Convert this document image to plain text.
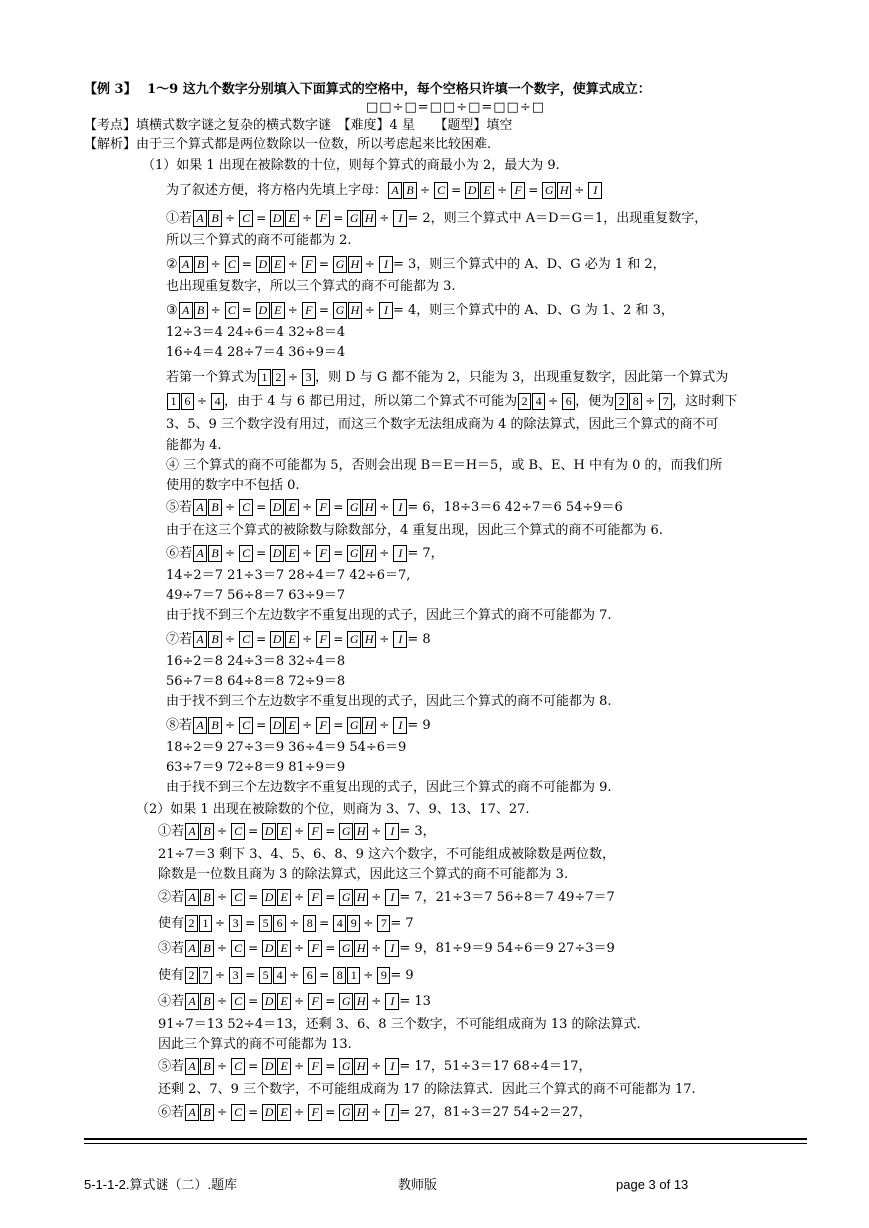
【例 3】 1～9 这九个数字分别填入下面算式的空格中，每个空格只许填一个数字，使算式成立：
□□÷□=□□÷□=□□÷□
【考点】填横式数字谜之复杂的横式数字谜　【难度】4 星　　【题型】填空
【解析】由于三个算式都是两位数除以一位数，所以考虑起来比较困难.
（1）如果 1 出现在被除数的十位，则每个算式的商最小为 2，最大为 9.
为了叙述方便，将方格内先填上字母： A B ÷ C = D E ÷ F = G H ÷ I
①若 A B ÷ C = D E ÷ F = G H ÷ I = 2，则三个算式中 A＝D＝G＝1，出现重复数字，
所以三个算式的商不可能都为 2.
② A B ÷ C = D E ÷ F = G H ÷ I = 3，则三个算式中的 A、D、G 必为 1 和 2，
也出现重复数字，所以三个算式的商不可能都为 3.
③ A B ÷ C = D E ÷ F = G H ÷ I = 4，则三个算式中的 A、D、G 为 1、2 和 3，
12÷3＝4 24÷6＝4 32÷8＝4
16÷4＝4 28÷7＝4 36÷9＝4
若第一个算式为 1 2 ÷ 3 ，则 D 与 G 都不能为 2，只能为 3，出现重复数字，因此第一个算式为
1 6 ÷ 4 ，由于 4 与 6 都已用过，所以第二个算式不可能为 2 4 ÷ 6 ，便为 2 8 ÷ 7 ，这时剩下
3、5、9 三个数字没有用过，而这三个数字无法组成商为 4 的除法算式，因此三个算式的商不可
能都为 4.
④ 三个算式的商不可能都为 5，否则会出现 B＝E＝H＝5，或 B、E、H 中有为 0 的，而我们所
使用的数字中不包括 0.
⑤若 A B ÷ C = D E ÷ F = G H ÷ I = 6，18÷3＝6 42÷7＝6 54÷9＝6
由于在这三个算式的被除数与除数部分，4 重复出现，因此三个算式的商不可能都为 6.
⑥若 A B ÷ C = D E ÷ F = G H ÷ I = 7，
14÷2＝7 21÷3＝7 28÷4＝7 42÷6＝7,
49÷7＝7 56÷8＝7 63÷9＝7
由于找不到三个左边数字不重复出现的式子，因此三个算式的商不可能都为 7.
⑦若 A B ÷ C = D E ÷ F = G H ÷ I = 8
16÷2＝8 24÷3＝8 32÷4＝8
56÷7＝8 64÷8＝8 72÷9＝8
由于找不到三个左边数字不重复出现的式子，因此三个算式的商不可能都为 8.
⑧若 A B ÷ C = D E ÷ F = G H ÷ I = 9
18÷2＝9 27÷3＝9 36÷4＝9 54÷6＝9
63÷7＝9 72÷8＝9 81÷9＝9
由于找不到三个左边数字不重复出现的式子，因此三个算式的商不可能都为 9.
（2）如果 1 出现在被除数的个位，则商为 3、7、9、13、17、27.
①若 A B ÷ C = D E ÷ F = G H ÷ I = 3，
21÷7＝3 剩下 3、4、5、6、8、9 这六个数字，不可能组成被除数是两位数，
除数是一位数且商为 3 的除法算式，因此这三个算式的商不可能都为 3.
②若 A B ÷ C = D E ÷ F = G H ÷ I = 7，21÷3＝7 56÷8＝7 49÷7＝7
使有 2 1 ÷ 3 = 5 6 ÷ 8 = 4 9 ÷ 7 = 7
③若 A B ÷ C = D E ÷ F = G H ÷ I = 9，81÷9＝9 54÷6＝9 27÷3＝9
使有 2 7 ÷ 3 = 5 4 ÷ 6 = 8 1 ÷ 9 = 9
④若 A B ÷ C = D E ÷ F = G H ÷ I = 13
91÷7＝13 52÷4＝13，还剩 3、6、8 三个数字，不可能组成商为 13 的除法算式.
因此三个算式的商不可能都为 13.
⑤若 A B ÷ C = D E ÷ F = G H ÷ I = 17，51÷3＝17 68÷4＝17，
还剩 2、7、9 三个数字，不可能组成商为 17 的除法算式．因此三个算式的商不可能都为 17.
⑥若 A B ÷ C = D E ÷ F = G H ÷ I = 27，81÷3＝27 54÷2＝27，
5-1-1-2.算式谜（二）.题库	教师版	page 3 of 13
